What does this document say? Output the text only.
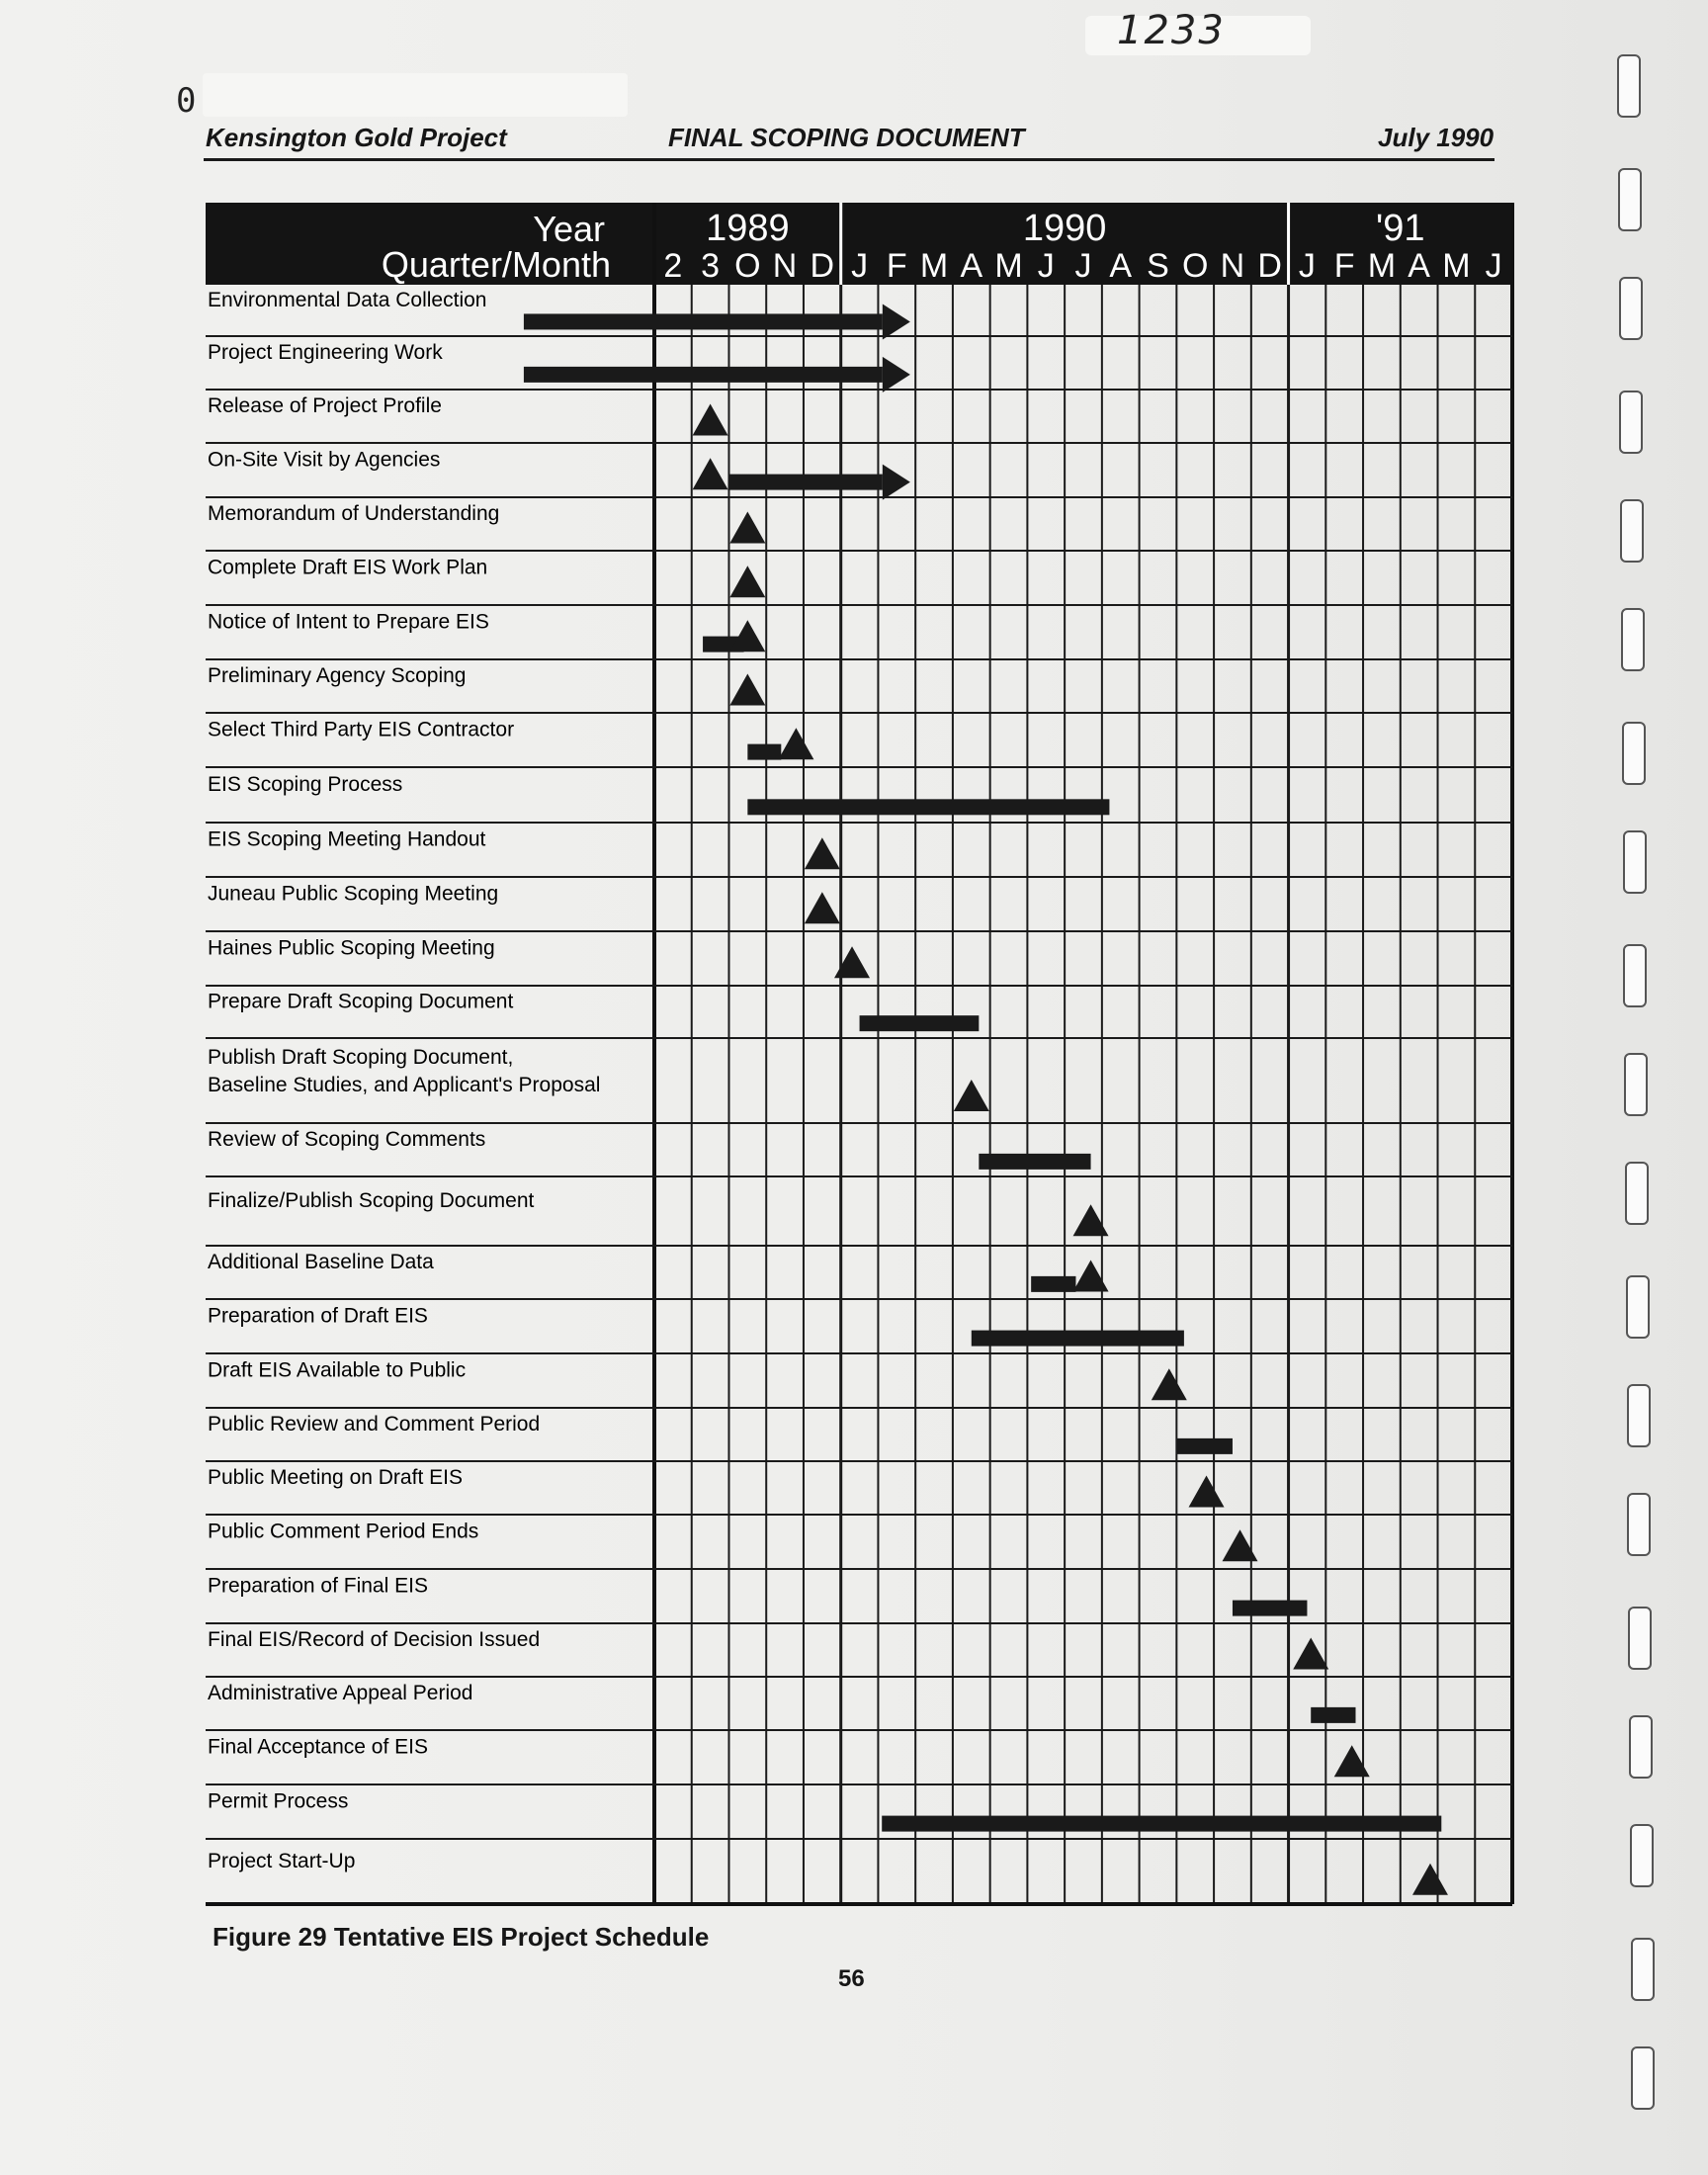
1233
0
Kensington Gold Project	FINAL SCOPING DOCUMENT	July 1990
Year
Quarter/Month
1989	1990	'91
2 3 O N D J F M A M J J A S O N D J F M A M J
Environmental Data Collection
Project Engineering Work
Release of Project Profile
On-Site Visit by Agencies
Memorandum of Understanding
Complete Draft EIS Work Plan
Notice of Intent to Prepare EIS
Preliminary Agency Scoping
Select Third Party EIS Contractor
EIS Scoping Process
EIS Scoping Meeting Handout
Juneau Public Scoping Meeting
Haines Public Scoping Meeting
Prepare Draft Scoping Document
Publish Draft Scoping Document,
Baseline Studies, and Applicant's Proposal
Review of Scoping Comments
Finalize/Publish Scoping Document
Additional Baseline Data
Preparation of Draft EIS
Draft EIS Available to Public
Public Review and Comment Period
Public Meeting on Draft EIS
Public Comment Period Ends
Preparation of Final EIS
Final EIS/Record of Decision Issued
Administrative Appeal Period
Final Acceptance of EIS
Permit Process
Project Start-Up
Figure 29 Tentative EIS Project Schedule
56
